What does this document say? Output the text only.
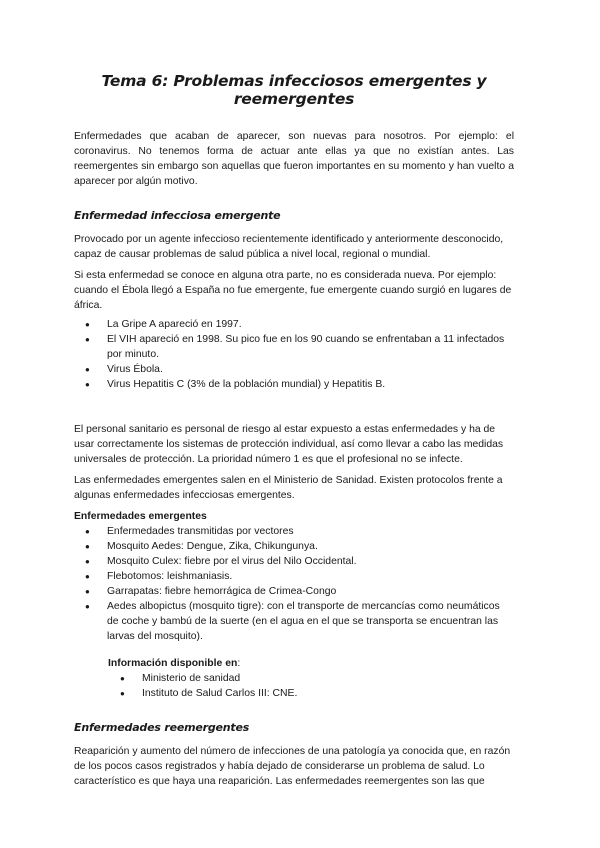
Tema 6: Problemas infecciosos emergentes y reemergentes

Enfermedades que acaban de aparecer, son nuevas para nosotros. Por ejemplo: el coronavirus. No tenemos forma de actuar ante ellas ya que no existían antes. Las reemergentes sin embargo son aquellas que fueron importantes en su momento y han vuelto a aparecer por algún motivo.

Enfermedad infecciosa emergente

Provocado por un agente infeccioso recientemente identificado y anteriormente desconocido, capaz de causar problemas de salud pública a nivel local, regional o mundial.

Si esta enfermedad se conoce en alguna otra parte, no es considerada nueva. Por ejemplo: cuando el Ébola llegó a España no fue emergente, fue emergente cuando surgió en lugares de áfrica.

● La Gripe A apareció en 1997.
● El VIH apareció en 1998. Su pico fue en los 90 cuando se enfrentaban a 11 infectados por minuto.
● Virus Ébola.
● Virus Hepatitis C (3% de la población mundial) y Hepatitis B.

El personal sanitario es personal de riesgo al estar expuesto a estas enfermedades y ha de usar correctamente los sistemas de protección individual, así como llevar a cabo las medidas universales de protección. La prioridad número 1 es que el profesional no se infecte.

Las enfermedades emergentes salen en el Ministerio de Sanidad. Existen protocolos frente a algunas enfermedades infecciosas emergentes.

Enfermedades emergentes

● Enfermedades transmitidas por vectores
● Mosquito Aedes: Dengue, Zika, Chikungunya.
● Mosquito Culex: fiebre por el virus del Nilo Occidental.
● Flebotomos: leishmaniasis.
● Garrapatas: fiebre hemorrágica de Crimea-Congo
● Aedes albopictus (mosquito tigre): con el transporte de mercancías como neumáticos de coche y bambú de la suerte (en el agua en el que se transporta se encuentran las larvas del mosquito).

Información disponible en:

● Ministerio de sanidad
● Instituto de Salud Carlos III: CNE.
Enfermedades reemergentes

Reaparición y aumento del número de infecciones de una patología ya conocida que, en razón de los pocos casos registrados y había dejado de considerarse un problema de salud. Lo característico es que haya una reaparición. Las enfermedades reemergentes son las que
